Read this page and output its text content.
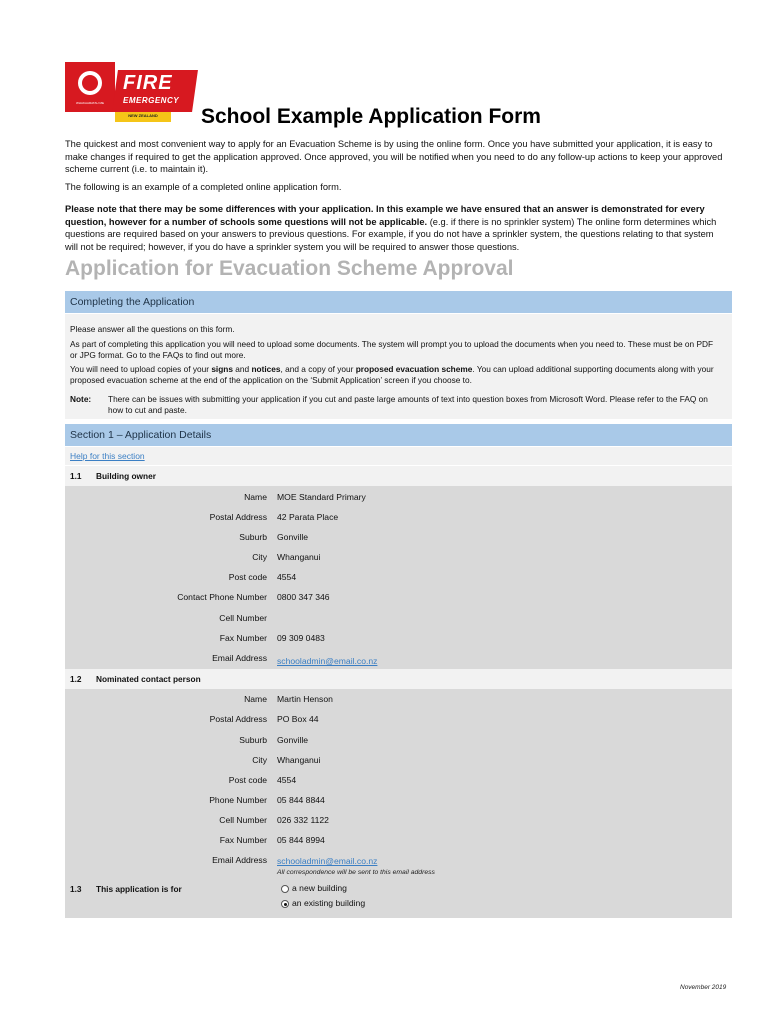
WHAKAARATAU ME
FIRE
EMERGENCY
NEW ZEALAND	School Example Application Form
The quickest and most convenient way to apply for an Evacuation Scheme is by using the online form. Once you have submitted your application, it is easy to make changes if required to get the application approved. Once approved, you will be notified when you need to do any follow-up actions to keep your approved scheme current (i.e. to maintain it).
The following is an example of a completed online application form.
Please note that there may be some differences with your application. In this example we have ensured that an answer is demonstrated for every question, however for a number of schools some questions will not be applicable. (e.g. if there is no sprinkler system) The online form determines which questions are required based on your answers to previous questions. For example, if you do not have a sprinkler system, the questions relating to that system will not be required; however, if you do have a sprinkler system you will be required to answer those questions.
Application for Evacuation Scheme Approval
Completing the Application
Please answer all the questions on this form.
As part of completing this application you will need to upload some documents. The system will prompt you to upload the documents when you need to. These must be on PDF or JPG format. Go to the FAQs to find out more.
You will need to upload copies of your signs and notices, and a copy of your proposed evacuation scheme. You can upload additional supporting documents along with your proposed evacuation scheme at the end of the application on the ‘Submit Application’ screen if you choose to.
Note:	There can be issues with submitting your application if you cut and paste large amounts of text into question boxes from Microsoft Word. Please refer to the FAQ on how to cut and paste.
Section 1 – Application Details
Help for this section
1.1 Building owner
Name MOE Standard Primary
Postal Address 42 Parata Place
Suburb Gonville
City Whanganui
Post code 4554
Contact Phone Number 0800 347 346
Cell Number
Fax Number 09 309 0483
Email Address schooladmin@email.co.nz
1.2 Nominated contact person
Name Martin Henson
Postal Address PO Box 44
Suburb Gonville
City Whanganui
Post code 4554
Phone Number 05 844 8844
Cell Number 026 332 1122
Fax Number 05 844 8994
Email Address schooladmin@email.co.nz
All correspondence will be sent to this email address
1.3 This application is for	a new building
an existing building
November 2019
